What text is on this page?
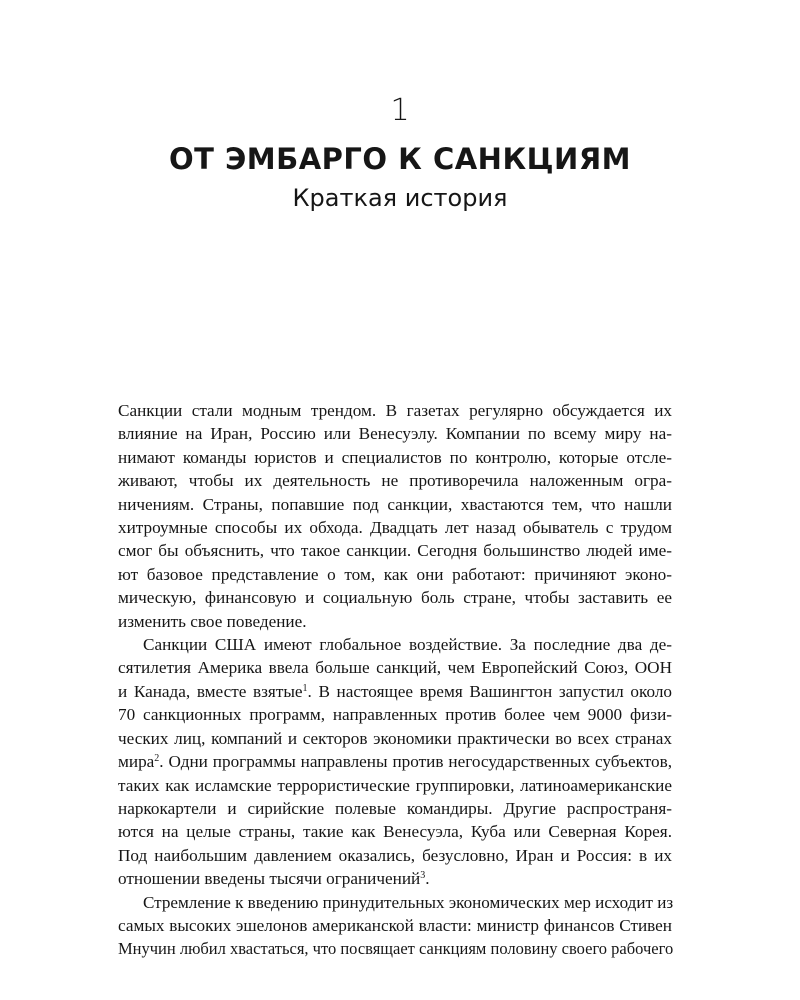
1
ОТ ЭМБАРГО К САНКЦИЯМ
Краткая история

Санкции стали модным трендом. В газетах регулярно обсуждается их
влияние на Иран, Россию или Венесуэлу. Компании по всему миру на-
нимают команды юристов и специалистов по контролю, которые отсле-
живают, чтобы их деятельность не противоречила наложенным огра-
ничениям. Страны, попавшие под санкции, хвастаются тем, что нашли
хитроумные способы их обхода. Двадцать лет назад обыватель с трудом
смог бы объяснить, что такое санкции. Сегодня большинство людей име-
ют базовое представление о том, как они работают: причиняют эконо-
мическую, финансовую и социальную боль стране, чтобы заставить ее
изменить свое поведение.

Санкции США имеют глобальное воздействие. За последние два де-
сятилетия Америка ввела больше санкций, чем Европейский Союз, ООН
и Канада, вместе взятые$^1$. В настоящее время Вашингтон запустил около
70 санкционных программ, направленных против более чем 9000 физи-
ческих лиц, компаний и секторов экономики практически во всех странах
мира$^2$. Одни программы направлены против негосударственных субъектов,
таких как исламские террористические группировки, латиноамериканские
наркокартели и сирийские полевые командиры. Другие распространя-
ются на целые страны, такие как Венесуэла, Куба или Северная Корея.
Под наибольшим давлением оказались, безусловно, Иран и Россия: в их
отношении введены тысячи ограничений$^3$.

Стремление к введению принудительных экономических мер исходит из
самых высоких эшелонов американской власти: министр финансов Стивен
Мнучин любил хвастаться, что посвящает санкциям половину своего рабочего
